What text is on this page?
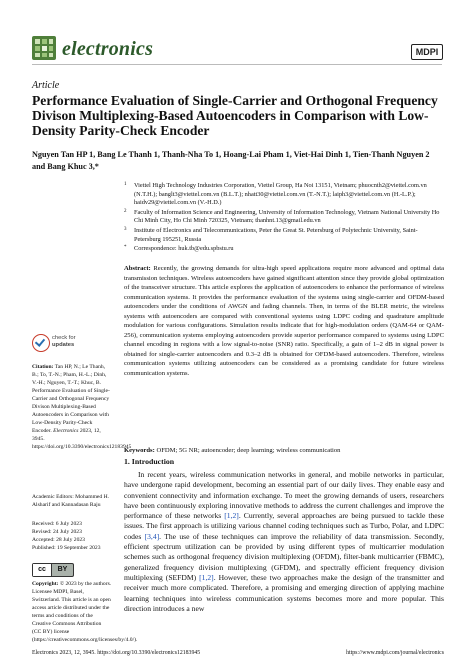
electronics	MDPI
Article
Performance Evaluation of Single-Carrier and Orthogonal Frequency Divison Multiplexing-Based Autoencoders in Comparison with Low-Density Parity-Check Encoder
Nguyen Tan HP 1, Bang Le Thanh 1, Thanh-Nha To 1, Hoang-Lai Pham 1, Viet-Hai Dinh 1, Tien-Thanh Nguyen 2
and Bang Khuc 3,*
1 Viettel High Technology Industries Corporation, Viettel Group, Ha Noi 13151, Vietnam; phuocnth2@viettel.com.vn (N.T.H.); banglt3@viettel.com.vn (B.L.T.); nhatt30@viettel.com.vn (T.-N.T.); laiph3@viettel.com.vn (H.-L.P.); haidv29@viettel.com.vn (V.-H.D.)
2 Faculty of Information Science and Engineering, University of Information Technology, Vietnam National University Ho Chi Minh City, Ho Chi Minh 720325, Vietnam; thanhnt.13@gmail.edu.vn
3 Institute of Electronics and Telecommunications, Peter the Great St. Petersburg of Polytechnic University, Saint-Petersburg 195251, Russia
* Correspondence: huk.tb@edu.spbstu.ru
Abstract: Recently, the growing demands for ultra-high speed applications require more advanced and optimal data transmission techniques. Wireless autoencoders have gained significant attention since they provide global optimization of the transceiver structure. This article explores the application of autoencoders to enhance the performance of wireless communication systems. It provides the performance evaluation of the systems using single-carrier and OFDM-based autoencoders under the conditions of AWGN and fading channels. Then, in terms of the BLER metric, the wireless systems with autoencoders are compared with conventional systems using LDPC coding and quadrature amplitude modulation for various configurations. Simulation results indicate that for high-modulation orders (QAM-64 or QAM-256), communication systems employing autoencoders provide superior performance compared to systems using LDPC channel encoding in regions with a low signal-to-noise (SNR) ratio. Specifically, a gain of 1–2 dB in signal power is obtained for single-carrier autoencoders and 0.3–2 dB is obtained for OFDM-based autoencoders. Therefore, wireless communication systems utilizing autoencoders can be considered as a promising candidate for future wireless communication systems.
Keywords: OFDM; 5G NR; autoencoder; deep learning; wireless communication
check for
updates
Citation: Tan HP, N.; Le Thanh, B.; To, T.-N.; Pham, H.-L.; Dinh, V.-H.; Nguyen, T.-T.; Khuc, B. Performance Evaluation of Single-Carrier and Orthogonal Frequency Divison Multiplexing-Based Autoencoders in Comparison with Low-Density Parity-Check Encoder. Electronics 2023, 12, 3945. https://doi.org/10.3390/electronics12183945
Academic Editors: Mohammed H. Alsharif and Kannadasan Raju
Received: 6 July 2023
Revised: 24 July 2023
Accepted: 28 July 2023
Published: 19 September 2023
cc	BY
Copyright: © 2023 by the authors. Licensee MDPI, Basel, Switzerland. This article is an open access article distributed under the terms and conditions of the Creative Commons Attribution (CC BY) license (https://creativecommons.org/licenses/by/4.0/).
1. Introduction
In recent years, wireless communication networks in general, and mobile networks in particular, have undergone rapid development, becoming an essential part of our daily lives. They enable easy and convenient connectivity and information exchange. To meet the growing demands of users, researchers have been continuously exploring innovative methods to address the current challenges and improve the performance of these networks [1,2]. Currently, several approaches are being pursued to tackle these issues. The first approach is utilizing various channel coding techniques such as Turbo, Polar, and LDPC codes [3,4]. The use of these techniques can improve the reliability of data transmission. Secondly, efficient spectrum utilization can be provided by using different types of multicarrier modulation schemes such as orthogonal frequency division multiplexing (OFDM), filter-bank multicarrier (FBMC), generalized frequency division multiplexing (GFDM), and spectrally efficient frequency division multiplexing (SEFDM) [1,2]. However, these two approaches make the design of the transmitter and receiver much more complicated. Therefore, a promising and emerging direction of applying machine learning techniques into wireless communication systems becomes more and more popular. This direction introduces a new
Electronics 2023, 12, 3945. https://doi.org/10.3390/electronics12183945	https://www.mdpi.com/journal/electronics
